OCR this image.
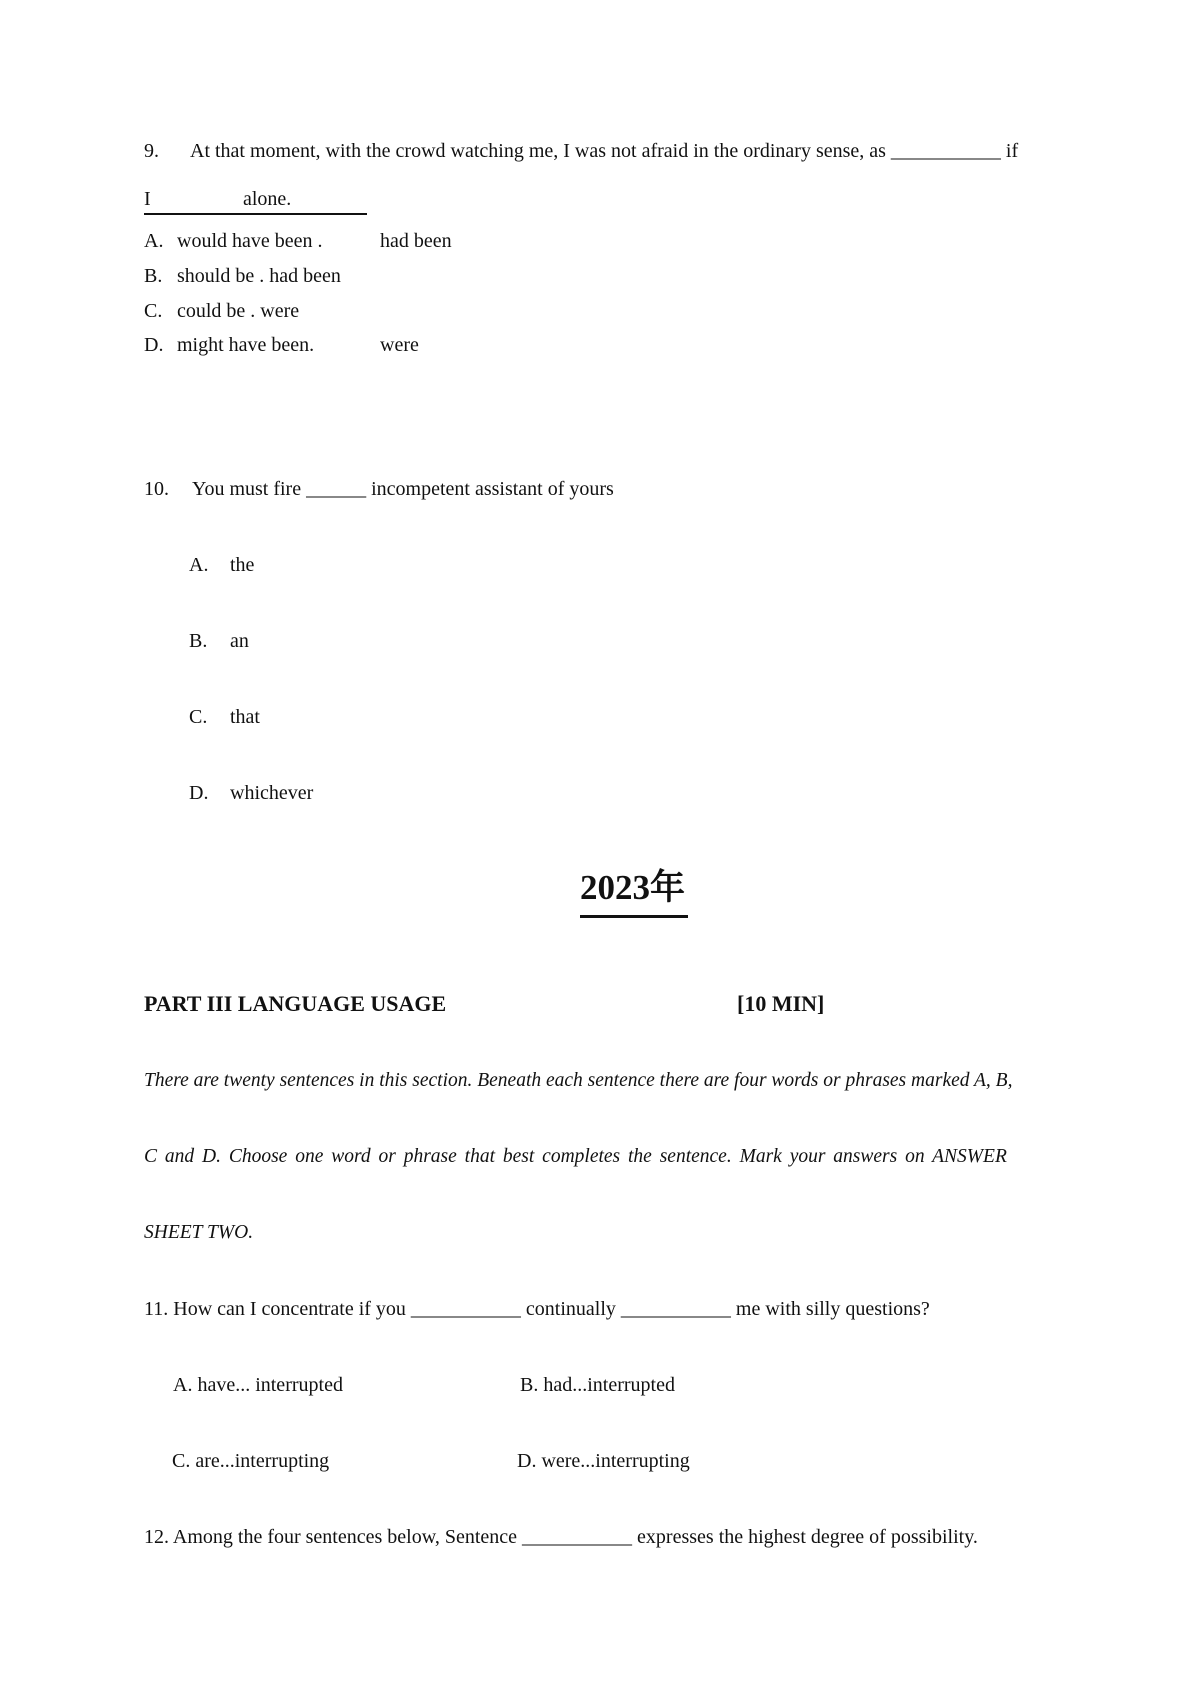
9. At that moment, with the crowd watching me, I was not afraid in the ordinary sense, as ___________ if
I	alone.
A. would have been .	had been
B. should be . had been
C. could be . were
D. might have been.	were
10. You must fire ______ incompetent assistant of yours
A. the
B. an
C. that
D. whichever
2023年
PART III LANGUAGE USAGE	[10 MIN]
There are twenty sentences in this section. Beneath each sentence there are four words or phrases marked A, B,
C and D. Choose one word or phrase that best completes the sentence. Mark your answers on ANSWER
SHEET TWO.
11. How can I concentrate if you ___________ continually ___________ me with silly questions?
A. have... interrupted	B. had...interrupted
C. are...interrupting	D. were...interrupting
12. Among the four sentences below, Sentence ___________ expresses the highest degree of possibility.
